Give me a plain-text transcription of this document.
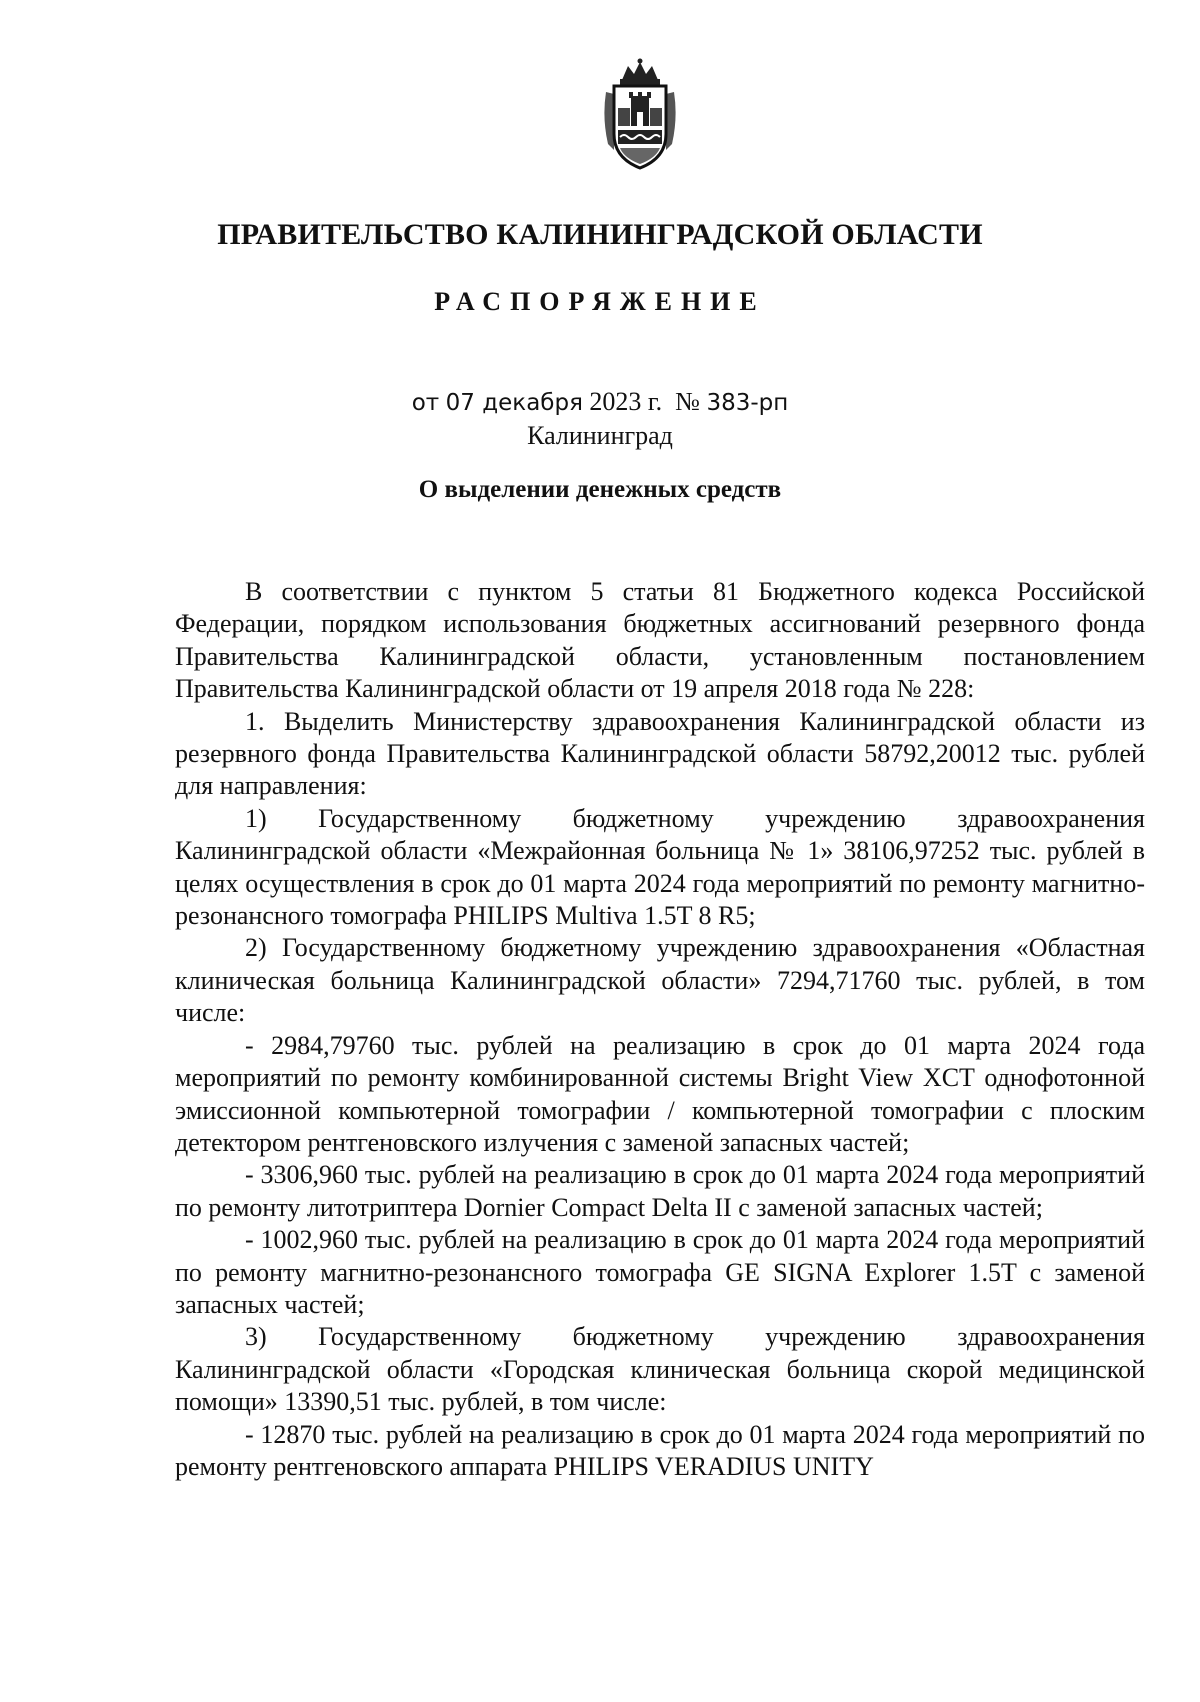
ПРАВИТЕЛЬСТВО КАЛИНИНГРАДСКОЙ ОБЛАСТИ
РАСПОРЯЖЕНИЕ
от 07 декабря 2023 г. № 383-рп
Калининград
О выделении денежных средств

В соответствии с пунктом 5 статьи 81 Бюджетного кодекса Российской Федерации, порядком использования бюджетных ассигнований резервного фонда Правительства Калининградской области, установленным постановлением Правительства Калининградской области от 19 апреля 2018 года № 228:

1. Выделить Министерству здравоохранения Калининградской области из резервного фонда Правительства Калининградской области 58792,20012 тыс. рублей для направления:

1) Государственному бюджетному учреждению здравоохранения Калининградской области «Межрайонная больница № 1» 38106,97252 тыс. рублей в целях осуществления в срок до 01 марта 2024 года мероприятий по ремонту магнитно-резонансного томографа PHILIPS Multiva 1.5T 8 R5;

2) Государственному бюджетному учреждению здравоохранения «Областная клиническая больница Калининградской области» 7294,71760 тыс. рублей, в том числе:

- 2984,79760 тыс. рублей на реализацию в срок до 01 марта 2024 года мероприятий по ремонту комбинированной системы Bright View XCT однофотонной эмиссионной компьютерной томографии / компьютерной томографии с плоским детектором рентгеновского излучения с заменой запасных частей;

- 3306,960 тыс. рублей на реализацию в срок до 01 марта 2024 года мероприятий по ремонту литотриптера Dornier Compact Delta II с заменой запасных частей;

- 1002,960 тыс. рублей на реализацию в срок до 01 марта 2024 года мероприятий по ремонту магнитно-резонансного томографа GE SIGNA Explorer 1.5T с заменой запасных частей;

3) Государственному бюджетному учреждению здравоохранения Калининградской области «Городская клиническая больница скорой медицинской помощи» 13390,51 тыс. рублей, в том числе:

- 12870 тыс. рублей на реализацию в срок до 01 марта 2024 года мероприятий по ремонту рентгеновского аппарата PHILIPS VERADIUS UNITY
